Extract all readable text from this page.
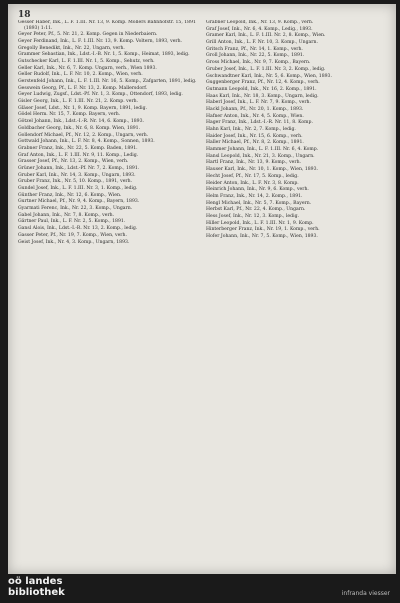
18
Gesser Haber, Ink., L. F. 1.III. Nr. 13, 9. Komp. Möllers Bahnhofstr. 15, 1891 (1893) 1:11.
Geyer Peter, Pf., 5. Nr. 21, 2. Komp. Gegen in Niederbaiern.
Geyer Ferdinand, Ink., L. F. 1.III. Nr. 13, 9. Komp. Voltern, 1893, verh.
Gregolly Benedikt, Ink., Nr. 22, Ungarn, verh.
Grammer Sebastian, Ink., Ldst.-I.-B. Nr. 1, 5. Komp., Heimat, 1893, ledig.
Gutschecker Karl, L. F. 1.III. Nr. 1, 5. Komp., Sehutz, verh.
Geller Karl, Ink., Nr. 6, 7. Komp. Ungarn, verh., Wien 1893.
Geller Rudolf, Ink., L. F. Nr. 10, 2. Komp., Wien, verh.
Gerstenfeld Johann, Ink., L. F. 1.III. Nr. 16, 5. Komp., Zafgarten, 1891, ledig.
Gesswein Georg, Pf., L. F. Nr. 13, 2. Komp. Mallersdorf.
Geyer Ludwig, Zugsf., Ldst.-Pf. Nr. 1, 3. Komp., Ottendorf, 1893, ledig.
Gisler Georg, Ink., L. F. 1.III. Nr. 21, 2. Komp. verh.
Gläser Josef, Ldst., Nr. 1, 9. Komp. Bayern, 1891, ledig.
Gödel Herm. Nr. 15, 7. Komp. Bayern, verh.
Götzel Johann, Ink., Ldst.-I.-R. Nr. 14, 6. Komp., 1893.
Goldbacher Georg, Ink., Nr. 6, 8. Komp. Wien, 1891.
Gollendorf Michael, Pf., Nr. 12, 2. Komp., Ungarn, verh.
Gottwald Johann, Ink., L. F. Nr. 8, 4. Komp., Sonnen, 1893.
Grabner Franz, Ink., Nr. 22, 5. Komp. Baden, 1891.
Graf Anton, Ink., L. F. 1.III. Nr. 9, 11. Komp., Ledig.
Grasser Josef, Pf., Nr. 13, 2. Komp., Wien, verh.
Grüner Johann, Ink., Ldst.-Pf. Nr. 7, 2. Komp., 1891.
Gruber Karl, Ink., Nr. 14, 3. Komp., Ungarn, 1893.
Gruber Franz, Ink., Nr. 5, 10. Komp., 1891, verh.
Gundel Josef, Ink., L. F. 1.III. Nr. 3, 1. Komp., ledig.
Günther Franz, Ink., Nr. 12, 6. Komp., Wien.
Gurtner Michael, Pf., Nr. 9, 4. Komp., Bayern, 1893.
Gyarmati Ferenc, Ink., Nr. 22, 3. Komp., Ungarn.
Gabel Johann, Ink., Nr. 7, 8. Komp., verh.
Gärtner Paul, Ink., L. F. Nr. 2, 5. Komp., 1891.
Gansl Alois, Ink., Ldst.-I.-R. Nr. 13, 2. Komp., ledig.
Gasser Peter, Pf., Nr. 19, 7. Komp., Wien, verh.
Geist Josef, Ink., Nr. 4, 3. Komp., Ungarn, 1893.
Grabner Leopold, Ink., Nr. 13, 9. Komp., verh.
Graf Josef, Ink., Nr. 6, 4. Komp., Ledig., 1893.
Gramer Karl, Ink., L. F. 1.III. Nr. 2, 8. Komp., Wien.
Grill Anton, Ink., L. F. Nr. 10, 3. Komp., Ungarn.
Gritsch Franz, Pf., Nr. 14, 1. Komp., verh.
Groll Johann, Ink., Nr. 22, 5. Komp., 1891.
Gross Michael, Ink., Nr. 9, 7. Komp., Bayern.
Gruber Josef, Ink., L. F. 1.III. Nr. 3, 2. Komp., ledig.
Gschwandtner Karl, Ink., Nr. 5, 6. Komp., Wien, 1893.
Guggenberger Franz, Pf., Nr. 12, 4. Komp., verh.
Gutmann Leopold, Ink., Nr. 16, 2. Komp., 1891.
Haas Karl, Ink., Nr. 18, 3. Komp., Ungarn, ledig.
Haberl Josef, Ink., L. F. Nr. 7, 9. Komp., verh.
Hackl Johann, Pf., Nr. 20, 1. Komp., 1893.
Hafner Anton, Ink., Nr. 4, 5. Komp., Wien.
Hager Franz, Ink., Ldst.-I.-R. Nr. 11, 8. Komp.
Hahn Karl, Ink., Nr. 2, 7. Komp., ledig.
Haider Josef, Ink., Nr. 15, 6. Komp., verh.
Haller Michael, Pf., Nr. 8, 2. Komp., 1891.
Hammer Johann, Ink., L. F. 1.III. Nr. 6, 4. Komp.
Hansl Leopold, Ink., Nr. 21, 3. Komp., Ungarn.
Hartl Franz, Ink., Nr. 13, 9. Komp., verh.
Hauser Karl, Ink., Nr. 10, 1. Komp., Wien, 1893.
Hecht Josef, Pf., Nr. 17, 5. Komp., ledig.
Heider Anton, Ink., L. F. Nr. 3, 8. Komp.
Heinrich Johann, Ink., Nr. 9, 6. Komp., verh.
Helm Franz, Ink., Nr. 14, 2. Komp., 1891.
Hengl Michael, Ink., Nr. 5, 7. Komp., Bayern.
Herbst Karl, Pf., Nr. 22, 4. Komp., Ungarn.
Hess Josef, Ink., Nr. 12, 3. Komp., ledig.
Hiller Leopold, Ink., L. F. 1.III. Nr. 1, 9. Komp.
Hinterberger Franz, Ink., Nr. 19, 1. Komp., verh.
Hofer Johann, Ink., Nr. 7, 5. Komp., Wien, 1893.
oö landes
bibliothek	infranda viesser
